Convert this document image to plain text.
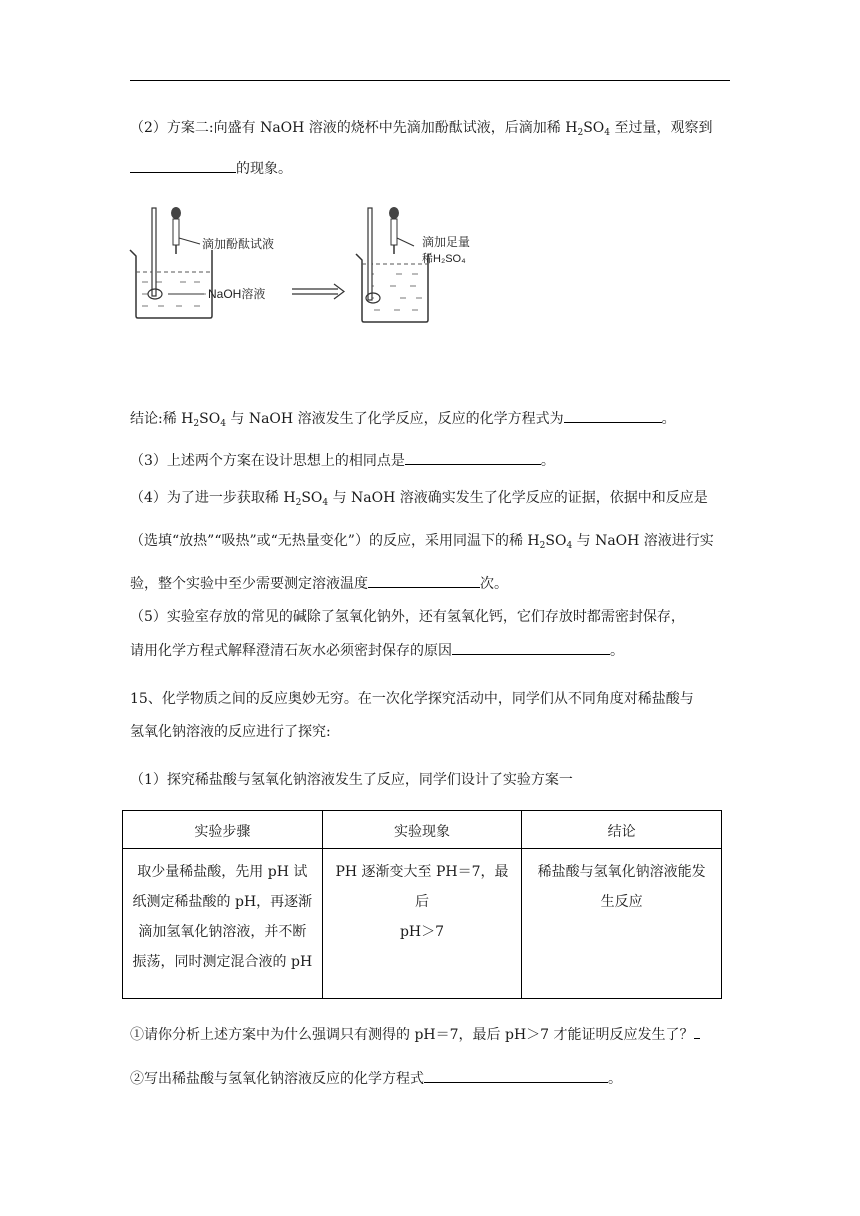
（2）方案二:向盛有 NaOH 溶液的烧杯中先滴加酚酞试液，后滴加稀 $H_2SO_4$ 至过量，观察到
的现象。
滴加酚酞试液
NaOH溶液
滴加足量
稀H₂SO₄
结论:稀 $H_2SO_4$ 与 NaOH 溶液发生了化学反应，反应的化学方程式为	。
（3）上述两个方案在设计思想上的相同点是	。
（4）为了进一步获取稀 $H_2SO_4$ 与 NaOH 溶液确实发生了化学反应的证据，依据中和反应是
（选填“放热”“吸热”或“无热量变化”）的反应，采用同温下的稀 $H_2SO_4$ 与 NaOH 溶液进行实
验，整个实验中至少需要测定溶液温度	次。
（5）实验室存放的常见的碱除了氢氧化钠外，还有氢氧化钙，它们存放时都需密封保存，
请用化学方程式解释澄清石灰水必须密封保存的原因	。
15、化学物质之间的反应奥妙无穷。在一次化学探究活动中，同学们从不同角度对稀盐酸与
氢氧化钠溶液的反应进行了探究:
（1）探究稀盐酸与氢氧化钠溶液发生了反应，同学们设计了实验方案一
实验步骤	实验现象	结论

取少量稀盐酸，先用 pH 试
纸测定稀盐酸的 pH，再逐渐
滴加氢氧化钠溶液，并不断
振荡，同时测定混合液的 pH	PH 逐渐变大至 PH＝7，最后
pH＞7	稀盐酸与氢氧化钠溶液能发
生反应
①请你分析上述方案中为什么强调只有测得的 pH＝7，最后 pH＞7 才能证明反应发生了？
②写出稀盐酸与氢氧化钠溶液反应的化学方程式	。
